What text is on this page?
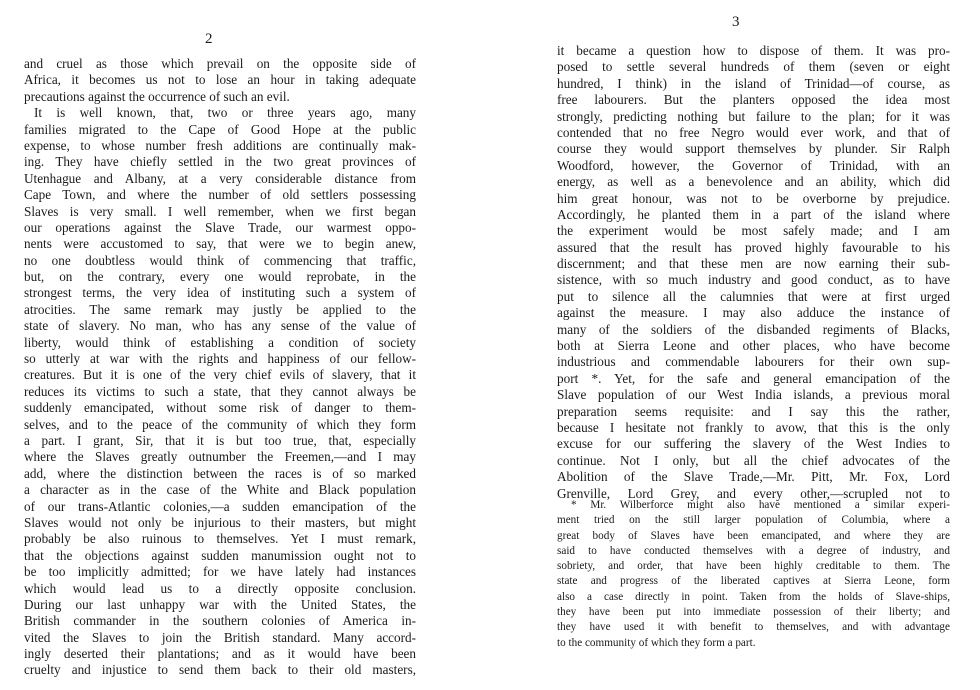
2
and cruel as those which prevail on the opposite side of
Africa, it becomes us not to lose an hour in taking adequate
precautions against the occurrence of such an evil.
It is well known, that, two or three years ago, many
families migrated to the Cape of Good Hope at the public
expense, to whose number fresh additions are continually mak-
ing. They have chiefly settled in the two great provinces of
Utenhague and Albany, at a very considerable distance from
Cape Town, and where the number of old settlers possessing
Slaves is very small. I well remember, when we first began
our operations against the Slave Trade, our warmest oppo-
nents were accustomed to say, that were we to begin anew,
no one doubtless would think of commencing that traffic,
but, on the contrary, every one would reprobate, in the
strongest terms, the very idea of instituting such a system of
atrocities. The same remark may justly be applied to the
state of slavery. No man, who has any sense of the value of
liberty, would think of establishing a condition of society
so utterly at war with the rights and happiness of our fellow-
creatures. But it is one of the very chief evils of slavery, that it
reduces its victims to such a state, that they cannot always be
suddenly emancipated, without some risk of danger to them-
selves, and to the peace of the community of which they form
a part. I grant, Sir, that it is but too true, that, especially
where the Slaves greatly outnumber the Freemen,—and I may
add, where the distinction between the races is of so marked
a character as in the case of the White and Black population
of our trans-Atlantic colonies,—a sudden emancipation of the
Slaves would not only be injurious to their masters, but might
probably be also ruinous to themselves. Yet I must remark,
that the objections against sudden manumission ought not to
be too implicitly admitted; for we have lately had instances
which would lead us to a directly opposite conclusion.
During our last unhappy war with the United States, the
British commander in the southern colonies of America in-
vited the Slaves to join the British standard. Many accord-
ingly deserted their plantations; and as it would have been
cruelty and injustice to send them back to their old masters,
3
it became a question how to dispose of them. It was pro-
posed to settle several hundreds of them (seven or eight
hundred, I think) in the island of Trinidad—of course, as
free labourers. But the planters opposed the idea most
strongly, predicting nothing but failure to the plan; for it was
contended that no free Negro would ever work, and that of
course they would support themselves by plunder. Sir Ralph
Woodford, however, the Governor of Trinidad, with an
energy, as well as a benevolence and an ability, which did
him great honour, was not to be overborne by prejudice.
Accordingly, he planted them in a part of the island where
the experiment would be most safely made; and I am
assured that the result has proved highly favourable to his
discernment; and that these men are now earning their sub-
sistence, with so much industry and good conduct, as to have
put to silence all the calumnies that were at first urged
against the measure. I may also adduce the instance of
many of the soldiers of the disbanded regiments of Blacks,
both at Sierra Leone and other places, who have become
industrious and commendable labourers for their own sup-
port *. Yet, for the safe and general emancipation of the
Slave population of our West India islands, a previous moral
preparation seems requisite: and I say this the rather,
because I hesitate not frankly to avow, that this is the only
excuse for our suffering the slavery of the West Indies to
continue. Not I only, but all the chief advocates of the
Abolition of the Slave Trade,—Mr. Pitt, Mr. Fox, Lord
Grenville, Lord Grey, and every other,—scrupled not to
* Mr. Wilberforce might also have mentioned a similar experi-
ment tried on the still larger population of Columbia, where a
great body of Slaves have been emancipated, and where they are
said to have conducted themselves with a degree of industry, and
sobriety, and order, that have been highly creditable to them. The
state and progress of the liberated captives at Sierra Leone, form
also a case directly in point. Taken from the holds of Slave-ships,
they have been put into immediate possession of their liberty; and
they have used it with benefit to themselves, and with advantage
to the community of which they form a part.
